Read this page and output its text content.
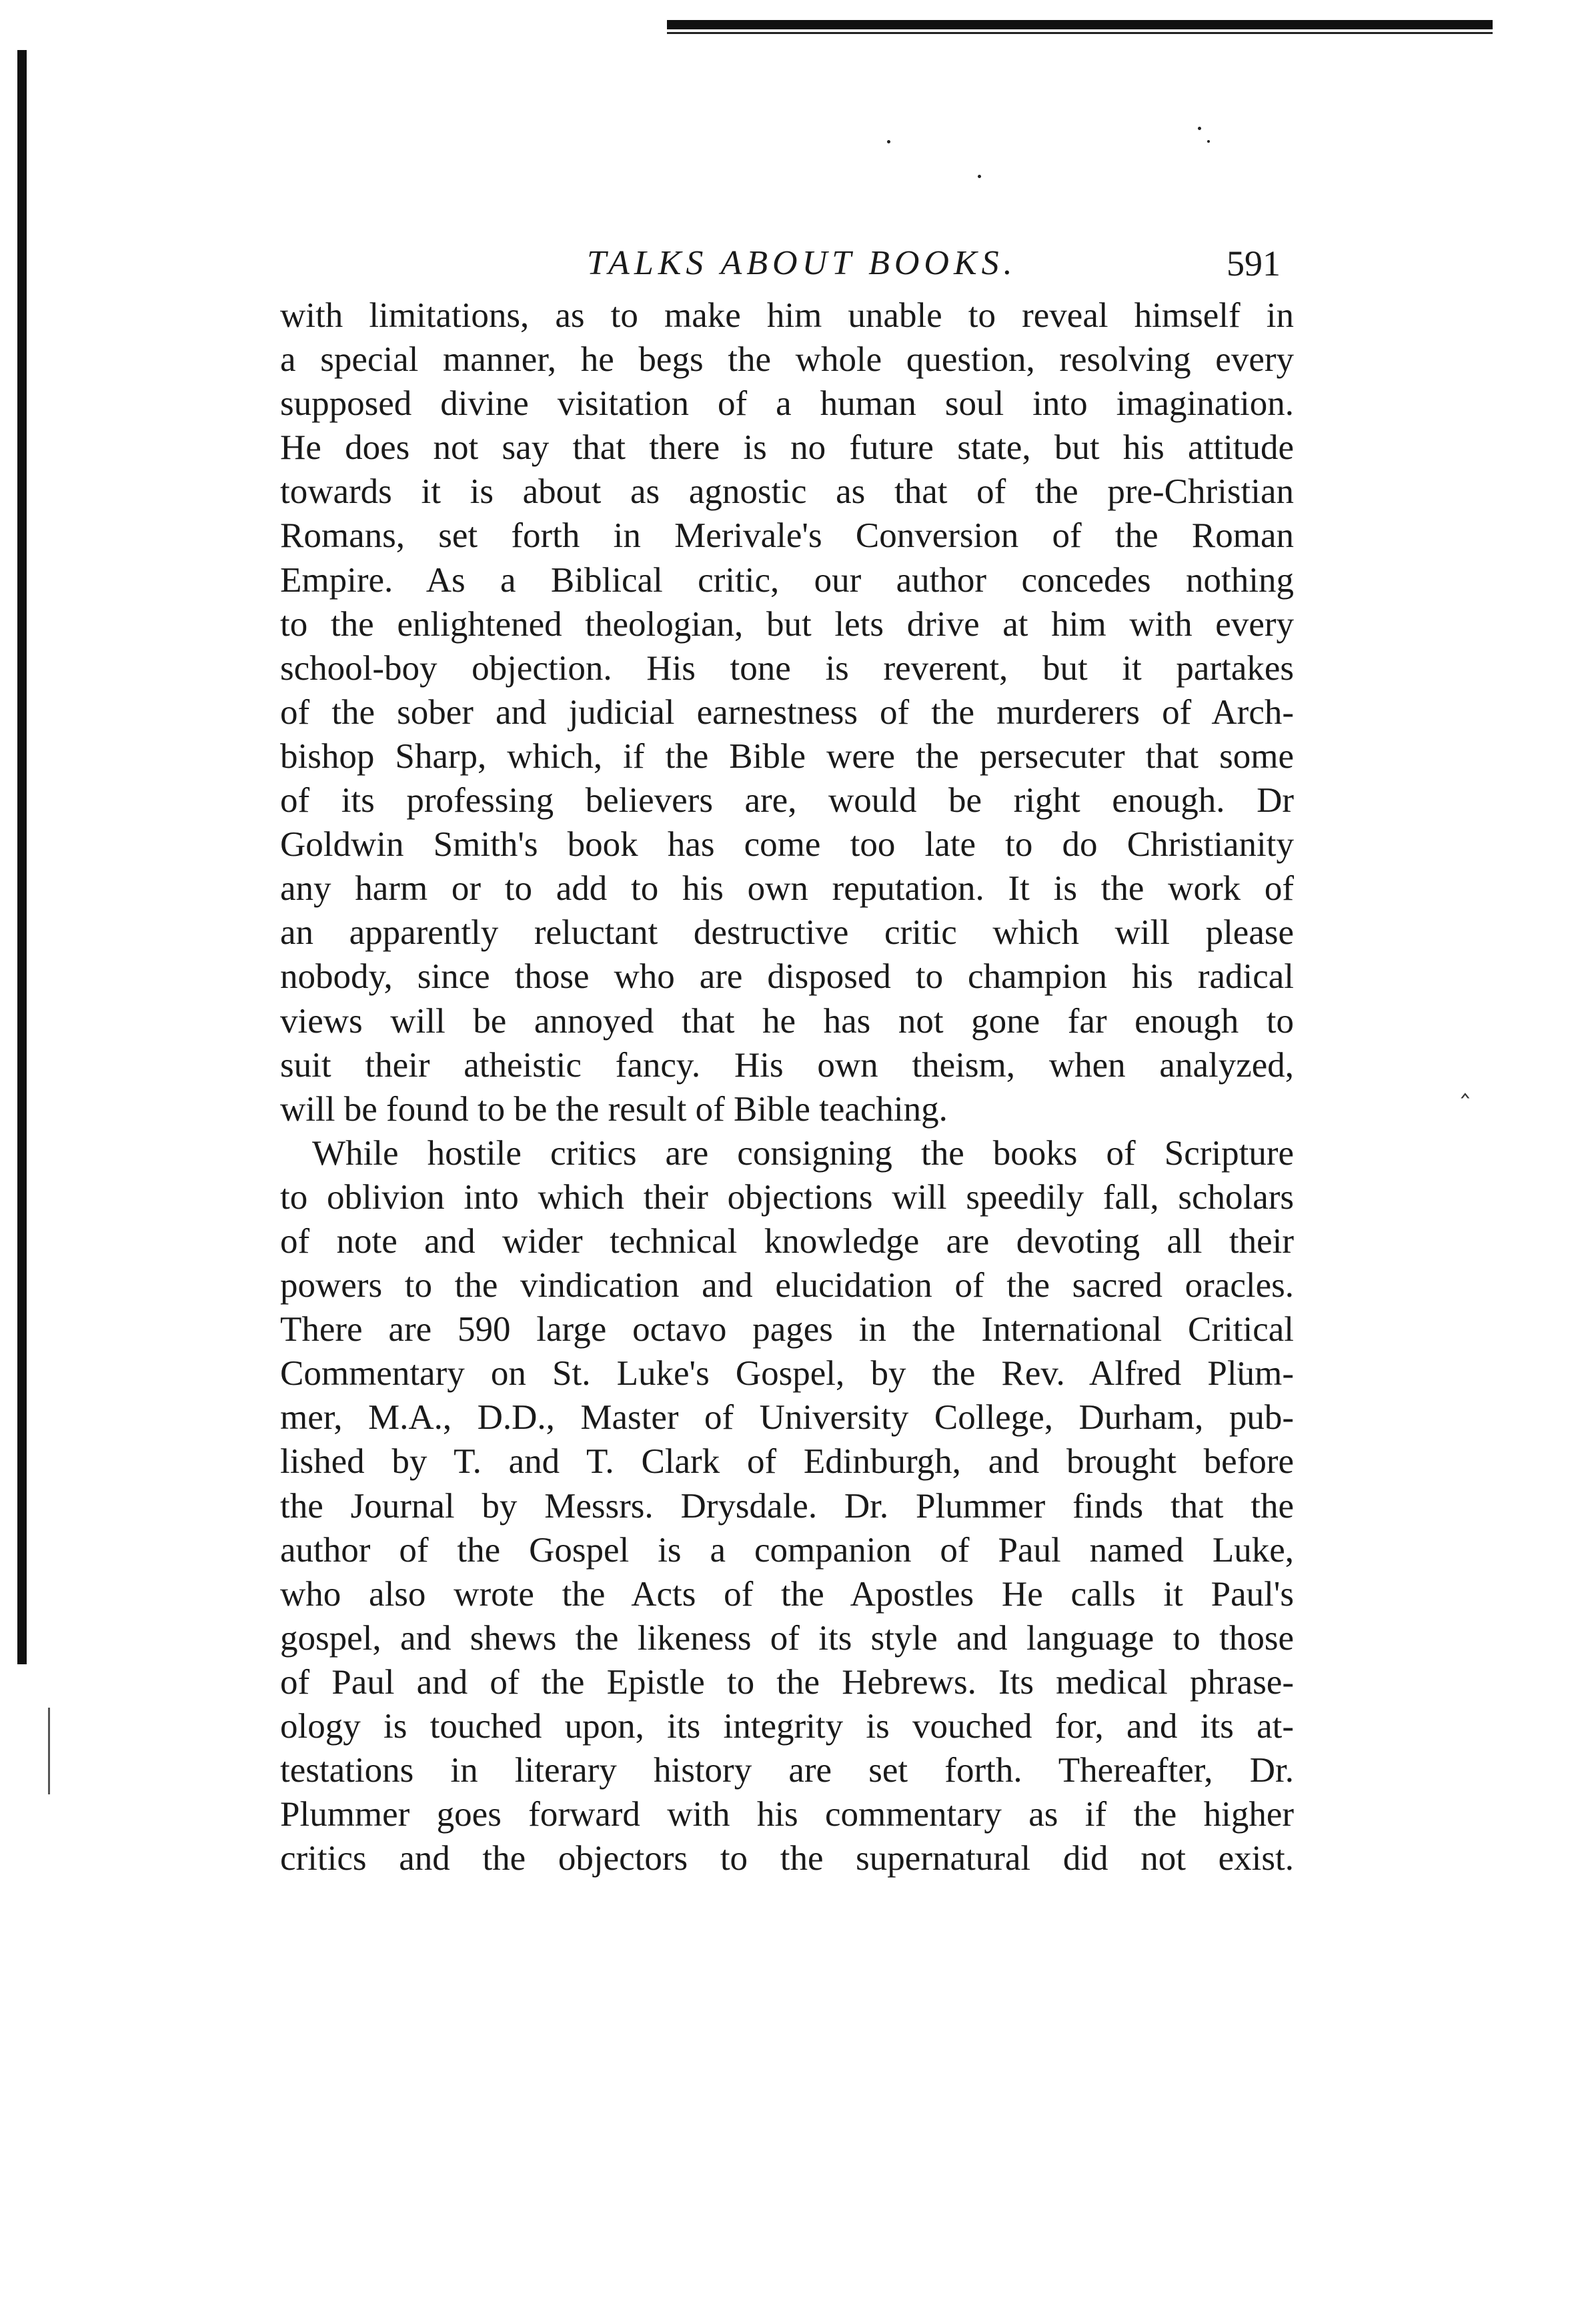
TALKS ABOUT BOOKS.	591
‸
with limitations, as to make him unable to reveal himself in
a special manner, he begs the whole question, resolving every
supposed divine visitation of a human soul into imagination.
He does not say that there is no future state, but his attitude
towards it is about as agnostic as that of the pre-Christian
Romans, set forth in Merivale's Conversion of the Roman
Empire. As a Biblical critic, our author concedes nothing
to the enlightened theologian, but lets drive at him with every
school-boy objection. His tone is reverent, but it partakes
of the sober and judicial earnestness of the murderers of Arch-
bishop Sharp, which, if the Bible were the persecuter that some
of its professing believers are, would be right enough. Dr
Goldwin Smith's book has come too late to do Christianity
any harm or to add to his own reputation. It is the work of
an apparently reluctant destructive critic which will please
nobody, since those who are disposed to champion his radical
views will be annoyed that he has not gone far enough to
suit their atheistic fancy. His own theism, when analyzed,
will be found to be the result of Bible teaching.
While hostile critics are consigning the books of Scripture
to oblivion into which their objections will speedily fall, scholars
of note and wider technical knowledge are devoting all their
powers to the vindication and elucidation of the sacred oracles.
There are 590 large octavo pages in the International Critical
Commentary on St. Luke's Gospel, by the Rev. Alfred Plum-
mer, M.A., D.D., Master of University College, Durham, pub-
lished by T. and T. Clark of Edinburgh, and brought before
the Journal by Messrs. Drysdale. Dr. Plummer finds that the
author of the Gospel is a companion of Paul named Luke,
who also wrote the Acts of the Apostles He calls it Paul's
gospel, and shews the likeness of its style and language to those
of Paul and of the Epistle to the Hebrews. Its medical phrase-
ology is touched upon, its integrity is vouched for, and its at-
testations in literary history are set forth. Thereafter, Dr.
Plummer goes forward with his commentary as if the higher
critics and the objectors to the supernatural did not exist.
